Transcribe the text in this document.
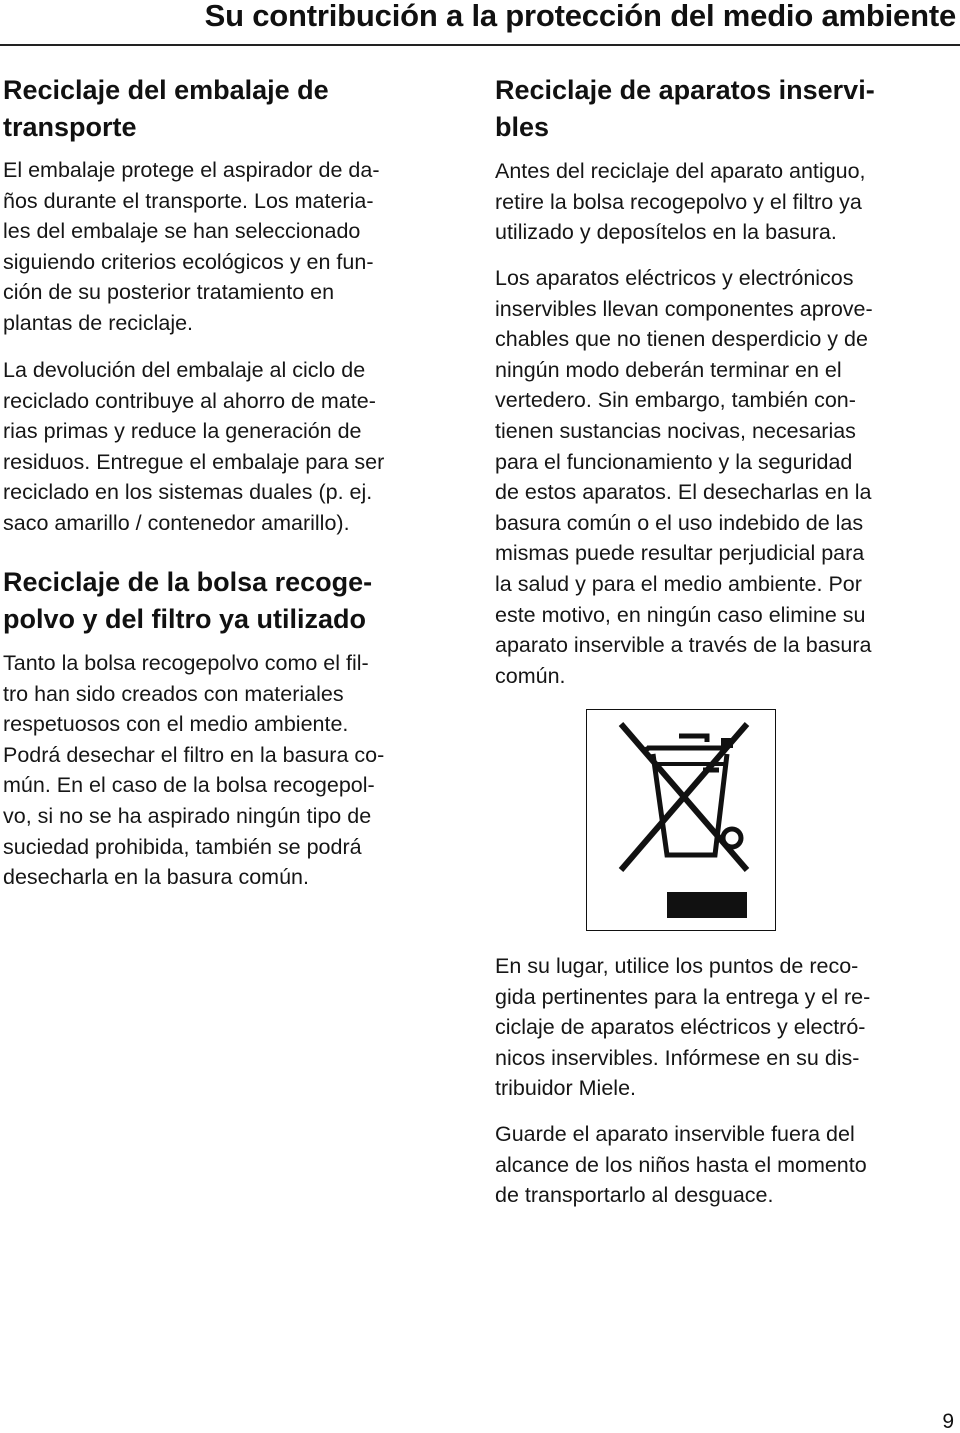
Su contribución a la protección del medio ambiente
Reciclaje del embalaje de
transporte

El embalaje protege el aspirador de da-
ños durante el transporte. Los materia-
les del embalaje se han seleccionado
siguiendo criterios ecológicos y en fun-
ción de su posterior tratamiento en
plantas de reciclaje.

La devolución del embalaje al ciclo de
reciclado contribuye al ahorro de mate-
rias primas y reduce la generación de
residuos. Entregue el embalaje para ser
reciclado en los sistemas duales (p. ej.
saco amarillo / contenedor amarillo).

Reciclaje de la bolsa recoge-
polvo y del filtro ya utilizado

Tanto la bolsa recogepolvo como el fil-
tro han sido creados con materiales
respetuosos con el medio ambiente.
Podrá desechar el filtro en la basura co-
mún. En el caso de la bolsa recogepol-
vo, si no se ha aspirado ningún tipo de
suciedad prohibida, también se podrá
desecharla en la basura común.

Reciclaje de aparatos inservi-
bles

Antes del reciclaje del aparato antiguo,
retire la bolsa recogepolvo y el filtro ya
utilizado y deposítelos en la basura.

Los aparatos eléctricos y electrónicos
inservibles llevan componentes aprove-
chables que no tienen desperdicio y de
ningún modo deberán terminar en el
vertedero. Sin embargo, también con-
tienen sustancias nocivas, necesarias
para el funcionamiento y la seguridad
de estos aparatos. El desecharlas en la
basura común o el uso indebido de las
mismas puede resultar perjudicial para
la salud y para el medio ambiente. Por
este motivo, en ningún caso elimine su
aparato inservible a través de la basura
común.

En su lugar, utilice los puntos de reco-
gida pertinentes para la entrega y el re-
ciclaje de aparatos eléctricos y electró-
nicos inservibles. Infórmese en su dis-
tribuidor Miele.

Guarde el aparato inservible fuera del
alcance de los niños hasta el momento
de transportarlo al desguace.

9
